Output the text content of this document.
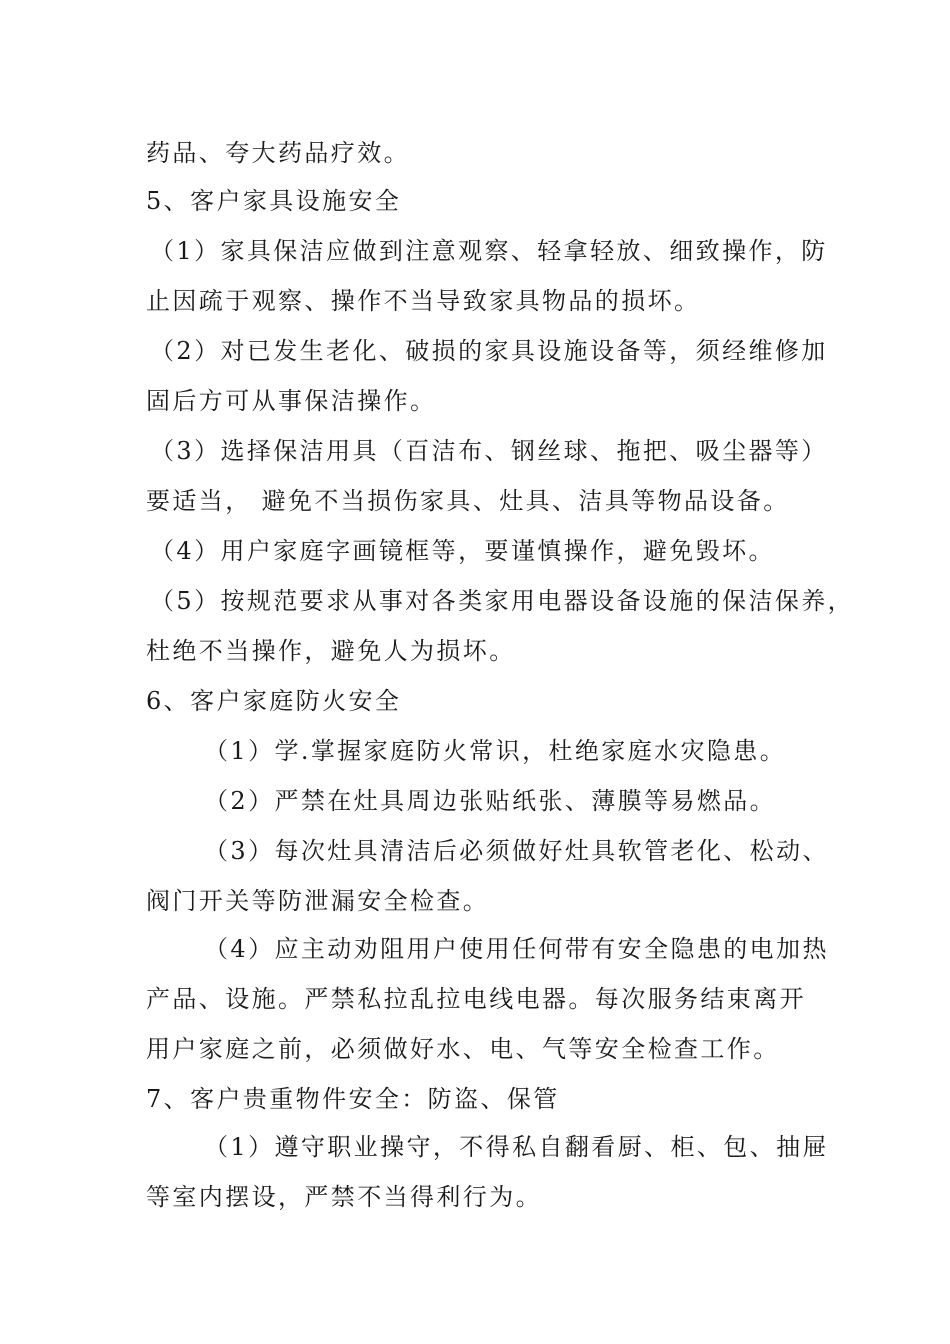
药品、夸大药品疗效。

5、客户家具设施安全

（1）家具保洁应做到注意观察、轻拿轻放、细致操作，防

止因疏于观察、操作不当导致家具物品的损坏。

（2）对已发生老化、破损的家具设施设备等，须经维修加

固后方可从事保洁操作。

（3）选择保洁用具（百洁布、钢丝球、拖把、吸尘器等）

要适当， 避免不当损伤家具、灶具、洁具等物品设备。

（4）用户家庭字画镜框等，要谨慎操作，避免毁坏。

（5）按规范要求从事对各类家用电器设备设施的保洁保养，

杜绝不当操作，避免人为损坏。

6、客户家庭防火安全

（1）学.掌握家庭防火常识，杜绝家庭水灾隐患。

（2）严禁在灶具周边张贴纸张、薄膜等易燃品。

（3）每次灶具清洁后必须做好灶具软管老化、松动、

阀门开关等防泄漏安全检查。

（4）应主动劝阻用户使用任何带有安全隐患的电加热

产品、设施。严禁私拉乱拉电线电器。每次服务结束离开

用户家庭之前，必须做好水、电、气等安全检查工作。

7、客户贵重物件安全：防盗、保管

（1）遵守职业操守，不得私自翻看厨、柜、包、抽屉

等室内摆设，严禁不当得利行为。
